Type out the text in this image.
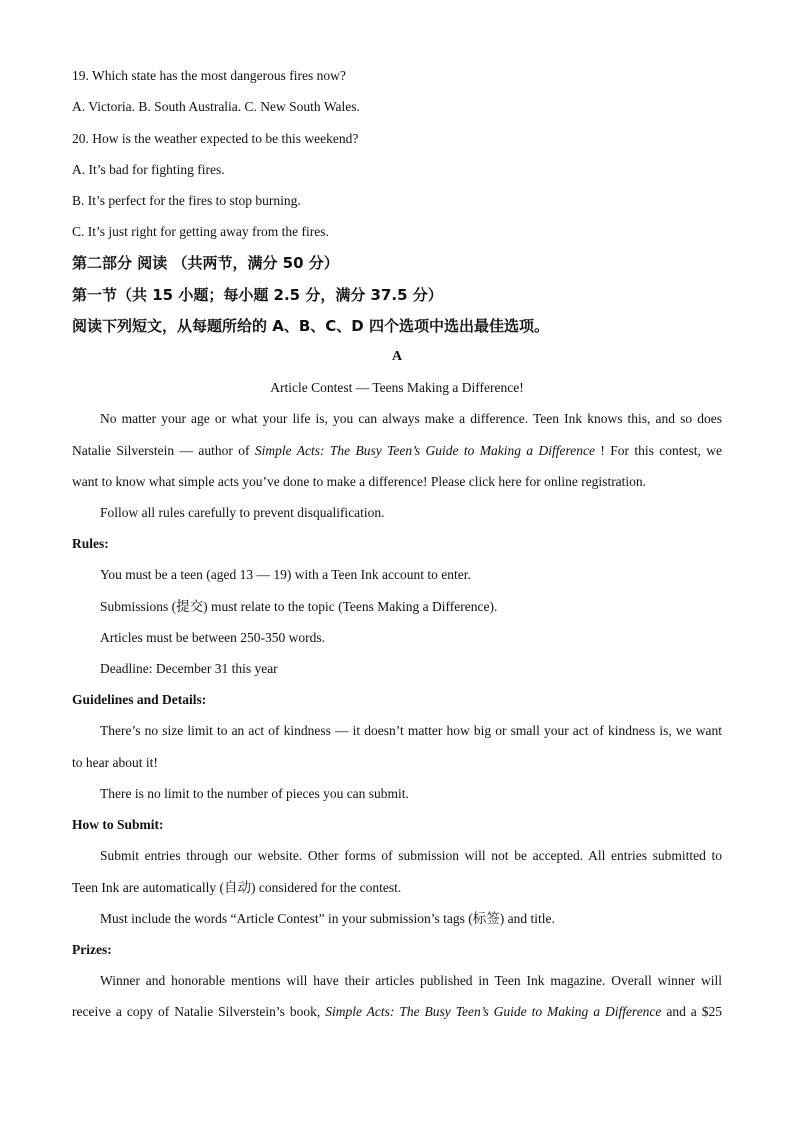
19. Which state has the most dangerous fires now?
A. Victoria. B. South Australia. C. New South Wales.
20. How is the weather expected to be this weekend?
A. It’s bad for fighting fires.
B. It’s perfect for the fires to stop burning.
C. It’s just right for getting away from the fires.
第二部分 阅读 （共两节，满分 50 分）
第一节（共 15 小题；每小题 2.5 分，满分 37.5 分）
阅读下列短文，从每题所给的 A、B、C、D 四个选项中选出最佳选项。
A
Article Contest — Teens Making a Difference!
No matter your age or what your life is, you can always make a difference. Teen Ink knows this, and so does
Natalie Silverstein — author of Simple Acts: The Busy Teen’s Guide to Making a Difference ! For this contest, we
want to know what simple acts you’ve done to make a difference! Please click here for online registration.
Follow all rules carefully to prevent disqualification.
Rules:
You must be a teen (aged 13 — 19) with a Teen Ink account to enter.
Submissions (提交) must relate to the topic (Teens Making a Difference).
Articles must be between 250-350 words.
Deadline: December 31 this year
Guidelines and Details:
There’s no size limit to an act of kindness — it doesn’t matter how big or small your act of kindness is, we want
to hear about it!
There is no limit to the number of pieces you can submit.
How to Submit:
Submit entries through our website. Other forms of submission will not be accepted. All entries submitted to
Teen Ink are automatically (自动) considered for the contest.
Must include the words “Article Contest” in your submission’s tags (标签) and title.
Prizes:
Winner and honorable mentions will have their articles published in Teen Ink magazine. Overall winner will
receive a copy of Natalie Silverstein’s book, Simple Acts: The Busy Teen’s Guide to Making a Difference and a $25
